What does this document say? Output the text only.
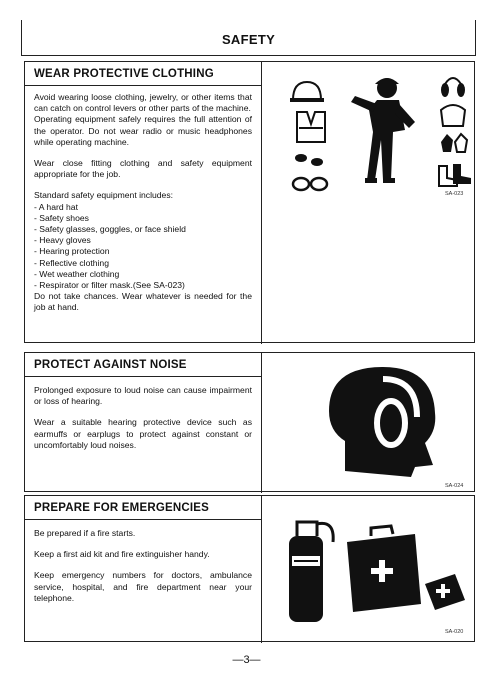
SAFETY
WEAR PROTECTIVE CLOTHING

Avoid wearing loose clothing, jewelry, or other items that can catch on control levers or other parts of the machine.

Operating equipment safely requires the full attention of the operator. Do not wear radio or music headphones while operating machine.

Wear close fitting clothing and safety equipment appropriate for the job.

Standard safety equipment includes:
- A hard hat
- Safety shoes
- Safety glasses, goggles, or face shield
- Heavy gloves
- Hearing protection
- Reflective clothing
- Wet weather clothing
- Respirator or filter mask.(See SA-023)
Do not take chances. Wear whatever is needed for the job at hand.
SA-023
PROTECT AGAINST NOISE

Prolonged exposure to loud noise can cause impairment or loss of hearing.

Wear a suitable hearing protective device such as earmuffs or earplugs to protect against constant or uncomfortably loud noises.

SA-024
PREPARE FOR EMERGENCIES

Be prepared if a fire starts.

Keep a first aid kit and fire extinguisher handy.

Keep emergency numbers for doctors, ambulance service, hospital, and fire department near your telephone.

SA-020
—3—
